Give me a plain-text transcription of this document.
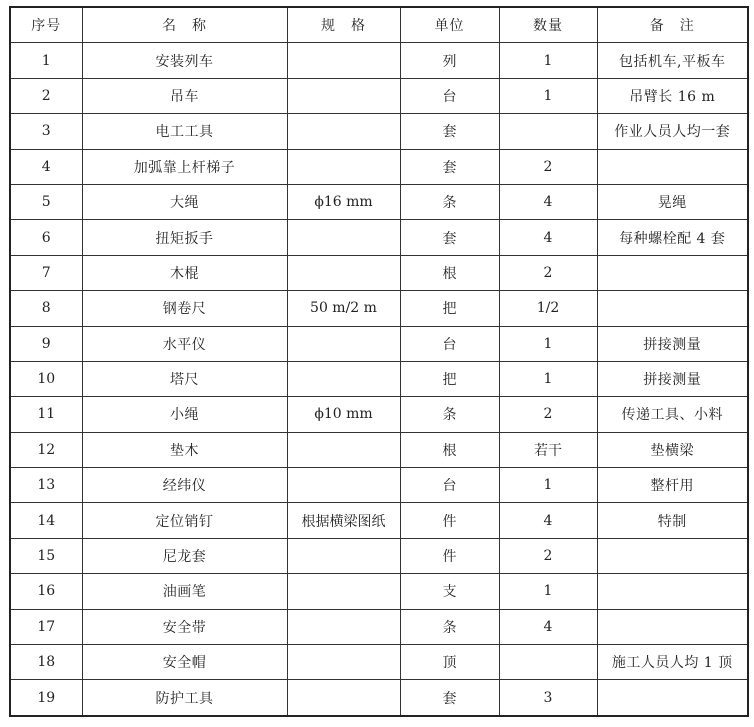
序号	名　称	规　格	单位	数量	备　注
1	安装列车		列	1	包括机车,平板车
2	吊车		台	1	吊臂长 16 m
3	电工工具		套		作业人员人均一套
4	加弧靠上杆梯子		套	2	
5	大绳	ϕ16 mm	条	4	晃绳
6	扭矩扳手		套	4	每种螺栓配 4 套
7	木棍		根	2	
8	钢卷尺	50 m/2 m	把	1/2	
9	水平仪		台	1	拼接测量
10	塔尺		把	1	拼接测量
11	小绳	ϕ10 mm	条	2	传递工具、小料
12	垫木		根	若干	垫横梁
13	经纬仪		台	1	整杆用
14	定位销钉	根据横梁图纸	件	4	特制
15	尼龙套		件	2	
16	油画笔		支	1	
17	安全带		条	4	
18	安全帽		顶		施工人员人均 1 顶
19	防护工具		套	3	
